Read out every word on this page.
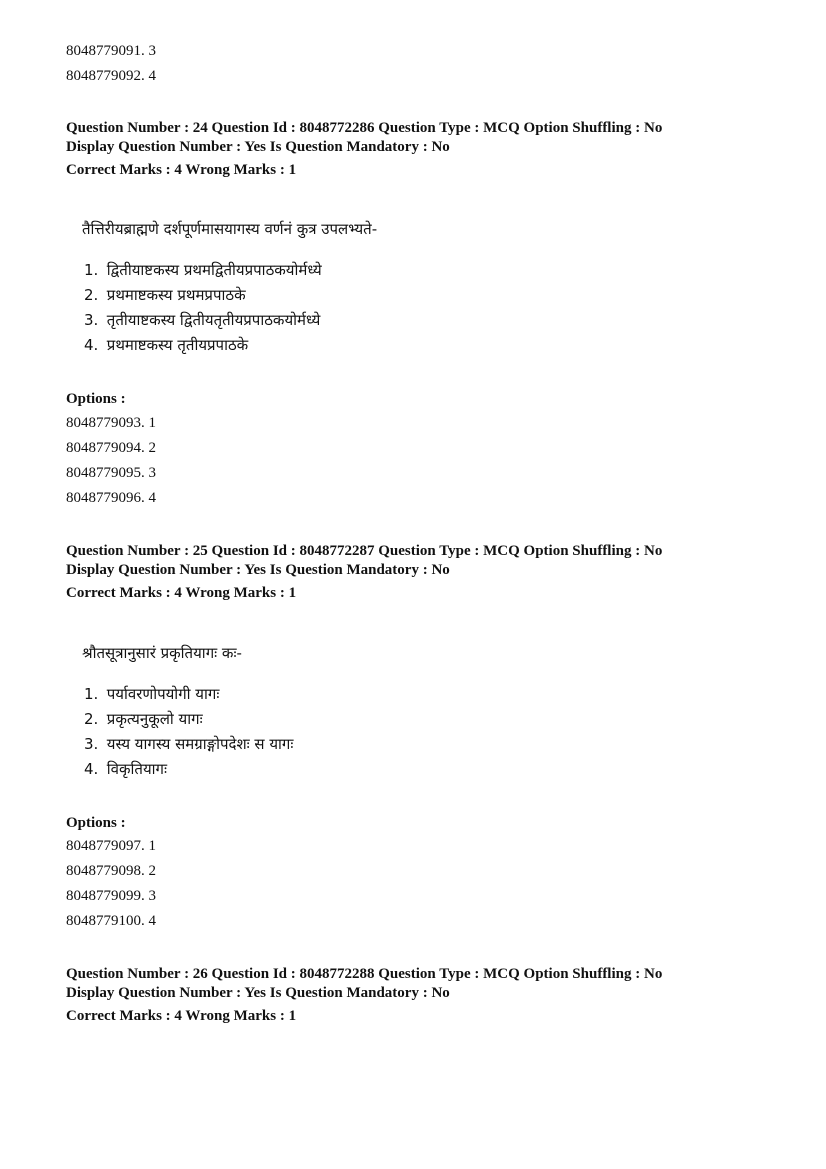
8048779091. 3
8048779092. 4
Question Number : 24 Question Id : 8048772286 Question Type : MCQ Option Shuffling : No
Display Question Number : Yes Is Question Mandatory : No
Correct Marks : 4 Wrong Marks : 1
तैत्तिरीयब्राह्मणे दर्शपूर्णमासयागस्य वर्णनं कुत्र उपलभ्यते-
1. द्वितीयाष्टकस्य प्रथमद्वितीयप्रपाठकयोर्मध्ये
2. प्रथमाष्टकस्य प्रथमप्रपाठके
3. तृतीयाष्टकस्य द्वितीयतृतीयप्रपाठकयोर्मध्ये
4. प्रथमाष्टकस्य तृतीयप्रपाठके
Options :
8048779093. 1
8048779094. 2
8048779095. 3
8048779096. 4
Question Number : 25 Question Id : 8048772287 Question Type : MCQ Option Shuffling : No
Display Question Number : Yes Is Question Mandatory : No
Correct Marks : 4 Wrong Marks : 1
श्रौतसूत्रानुसारं प्रकृतियागः कः-
1. पर्यावरणोपयोगी यागः
2. प्रकृत्यनुकूलो यागः
3. यस्य यागस्य समग्राङ्गोपदेशः स यागः
4. विकृतियागः
Options :
8048779097. 1
8048779098. 2
8048779099. 3
8048779100. 4
Question Number : 26 Question Id : 8048772288 Question Type : MCQ Option Shuffling : No
Display Question Number : Yes Is Question Mandatory : No
Correct Marks : 4 Wrong Marks : 1
